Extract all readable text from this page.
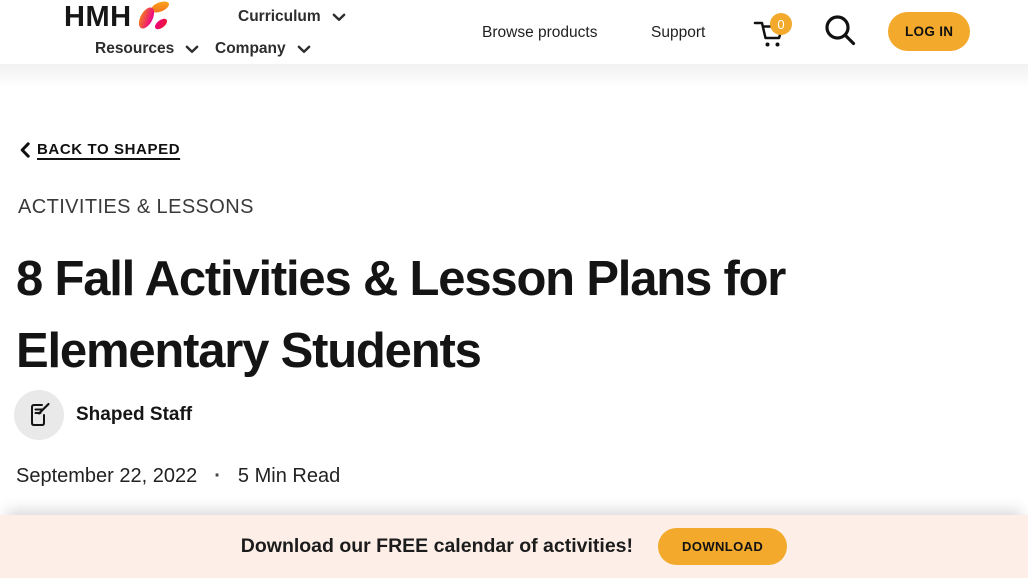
HMH	Curriculum
Resources	Company
Browse products	Support	0	LOG IN
BACK TO SHAPED
ACTIVITIES & LESSONS
8 Fall Activities & Lesson Plans for Elementary Students
Shaped Staff
September 22, 2022 · 5 Min Read
Download our FREE calendar of activities!	DOWNLOAD
